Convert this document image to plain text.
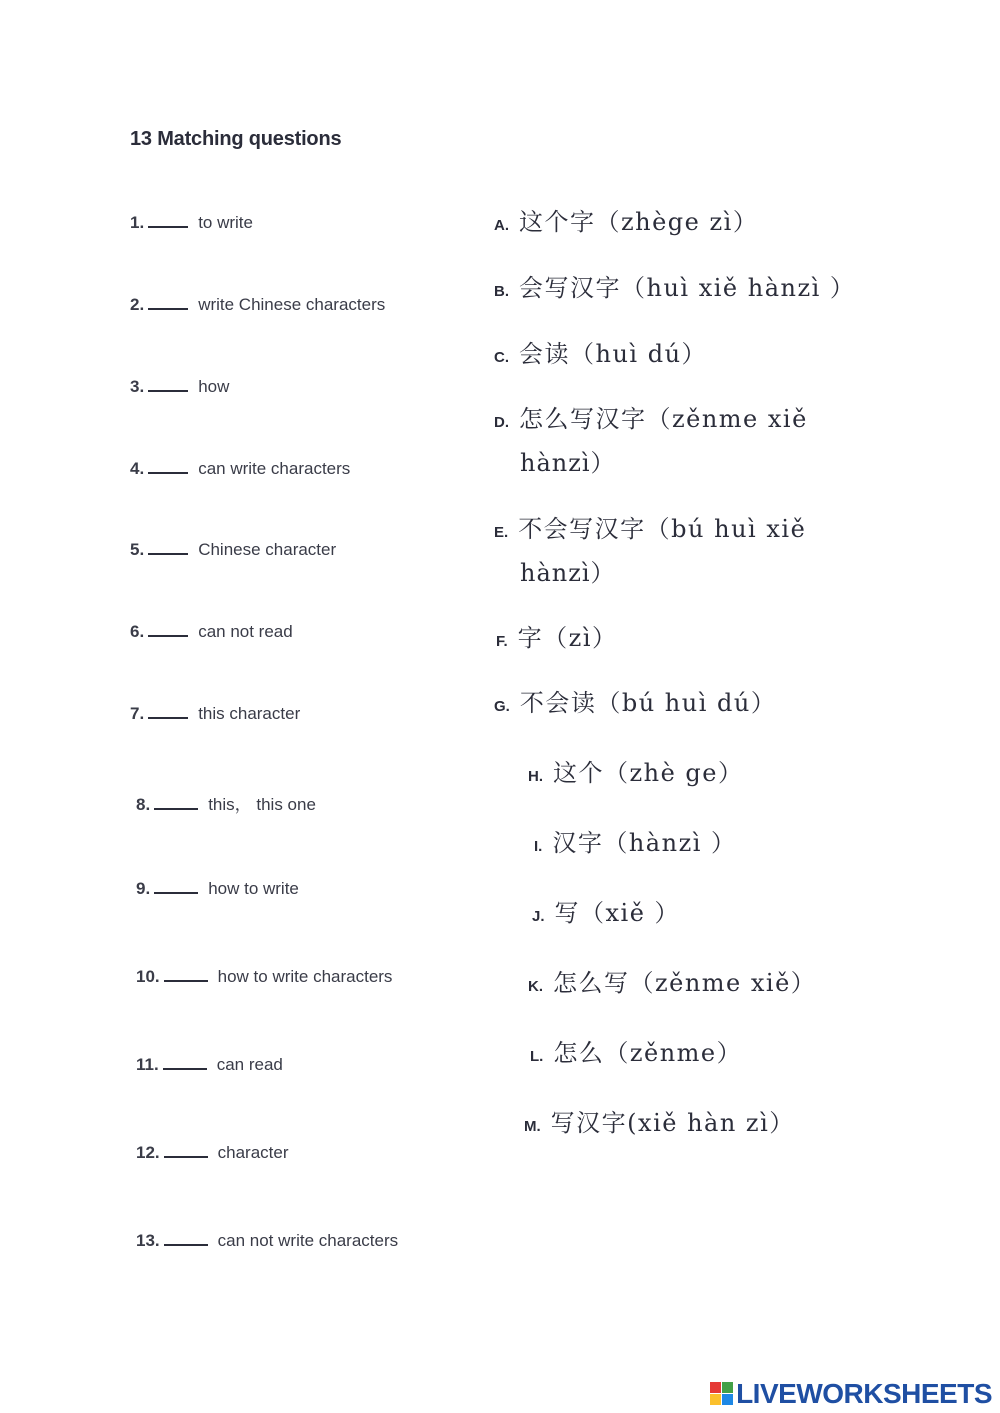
13 Matching questions
1.	to write
2.	write Chinese characters
3.	how
4.	can write characters
5.	Chinese character
6.	can not read
7.	this character
8.	this， this one
9.	how to write
10.	how to write characters
11.	can read
12.	character
13.	can not write characters
A. 这个字（zhège zì）
B. 会写汉字（huì xiě hànzì ）
C. 会读（huì dú）
D. 怎么写汉字（zěnme xiě
hànzì）
E. 不会写汉字（bú huì xiě
hànzì）
F. 字（zì）
G. 不会读（bú huì dú）
H. 这个（zhè ge）
I. 汉字（hànzì ）
J. 写（xiě ）
K. 怎么写（zěnme xiě）
L. 怎么（zěnme）
M. 写汉字(xiě hàn zì）
LIVEWORKSHEETS
